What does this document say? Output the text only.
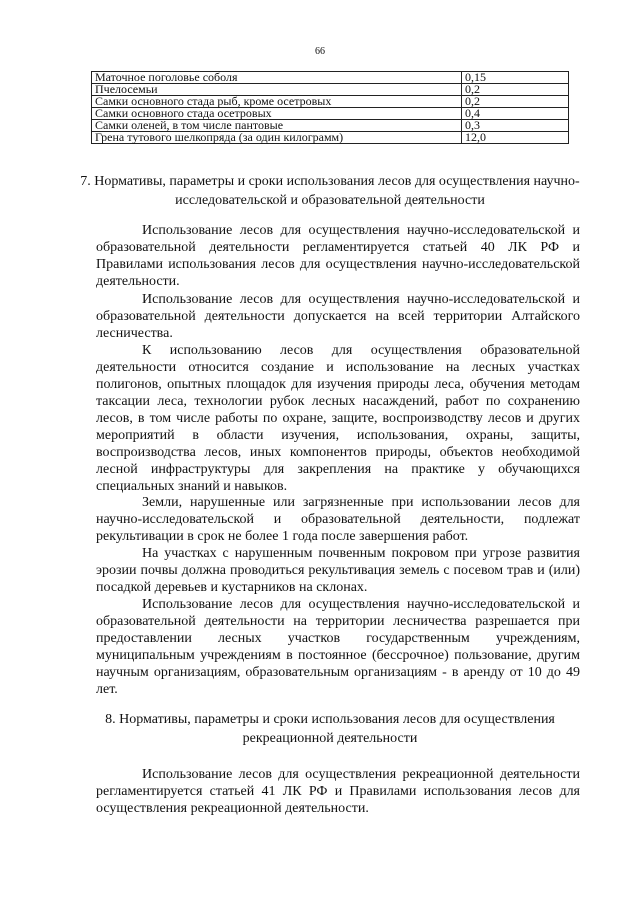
66
Маточное поголовье соболя	0,15
Пчелосемьи	0,2
Самки основного стада рыб, кроме осетровых	0,2
Самки основного стада осетровых	0,4
Самки оленей, в том числе пантовые	0,3
Грена тутового шелкопряда (за один килограмм)	12,0
7. Нормативы, параметры и сроки использования лесов для осуществления научно-исследовательской и образовательной деятельности

Использование лесов для осуществления научно-исследовательской и образовательной деятельности регламентируется статьей 40 ЛК РФ и Правилами использования лесов для осуществления научно-исследовательской деятельности.

Использование лесов для осуществления научно-исследовательской и образовательной деятельности допускается на всей территории Алтайского лесничества.

К использованию лесов для осуществления образовательной деятельности относится создание и использование на лесных участках полигонов, опытных площадок для изучения природы леса, обучения методам таксации леса, технологии рубок лесных насаждений, работ по сохранению лесов, в том числе работы по охране, защите, воспроизводству лесов и других мероприятий в области изучения, использования, охраны, защиты, воспроизводства лесов, иных компонентов природы, объектов необходимой лесной инфраструктуры для закрепления на практике у обучающихся специальных знаний и навыков.

Земли, нарушенные или загрязненные при использовании лесов для научно-исследовательской и образовательной деятельности, подлежат рекультивации в срок не более 1 года после завершения работ.

На участках с нарушенным почвенным покровом при угрозе развития эрозии почвы должна проводиться рекультивация земель с посевом трав и (или) посадкой деревьев и кустарников на склонах.

Использование лесов для осуществления научно-исследовательской и образовательной деятельности на территории лесничества разрешается при предоставлении лесных участков государственным учреждениям, муниципальным учреждениям в постоянное (бессрочное) пользование, другим научным организациям, образовательным организациям - в аренду от 10 до 49 лет.

8. Нормативы, параметры и сроки использования лесов для осуществления рекреационной деятельности

Использование лесов для осуществления рекреационной деятельности регламентируется статьей 41 ЛК РФ и Правилами использования лесов для осуществления рекреационной деятельности.
